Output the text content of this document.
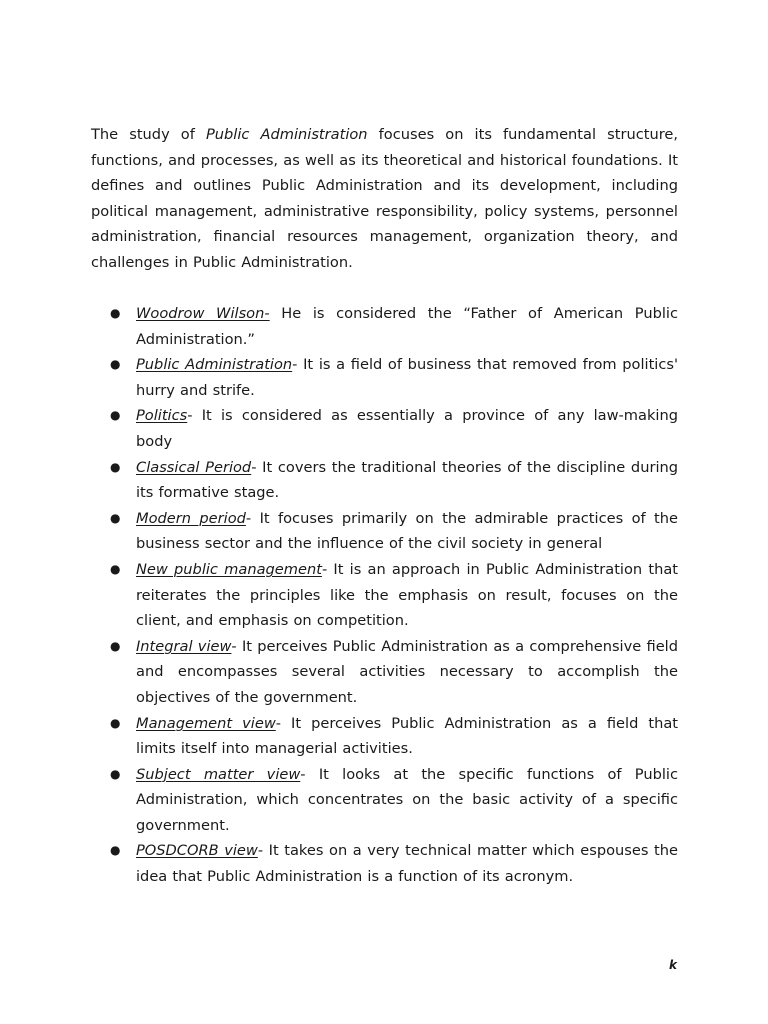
The study of Public Administration focuses on its fundamental structure, functions, and processes, as well as its theoretical and historical foundations. It defines and outlines Public Administration and its development, including political management, administrative responsibility, policy systems, personnel administration, financial resources management, organization theory, and challenges in Public Administration.

● Woodrow Wilson- He is considered the “Father of American Public Administration.”
● Public Administration- It is a field of business that removed from politics' hurry and strife.
● Politics- It is considered as essentially a province of any law-making body
● Classical Period- It covers the traditional theories of the discipline during its formative stage.
● Modern period- It focuses primarily on the admirable practices of the business sector and the influence of the civil society in general
● New public management- It is an approach in Public Administration that reiterates the principles like the emphasis on result, focuses on the client, and emphasis on competition.
● Integral view- It perceives Public Administration as a comprehensive field and encompasses several activities necessary to accomplish the objectives of the government.
● Management view- It perceives Public Administration as a field that limits itself into managerial activities.
● Subject matter view- It looks at the specific functions of Public Administration, which concentrates on the basic activity of a specific government.
● POSDCORB view- It takes on a very technical matter which espouses the idea that Public Administration is a function of its acronym.
k
